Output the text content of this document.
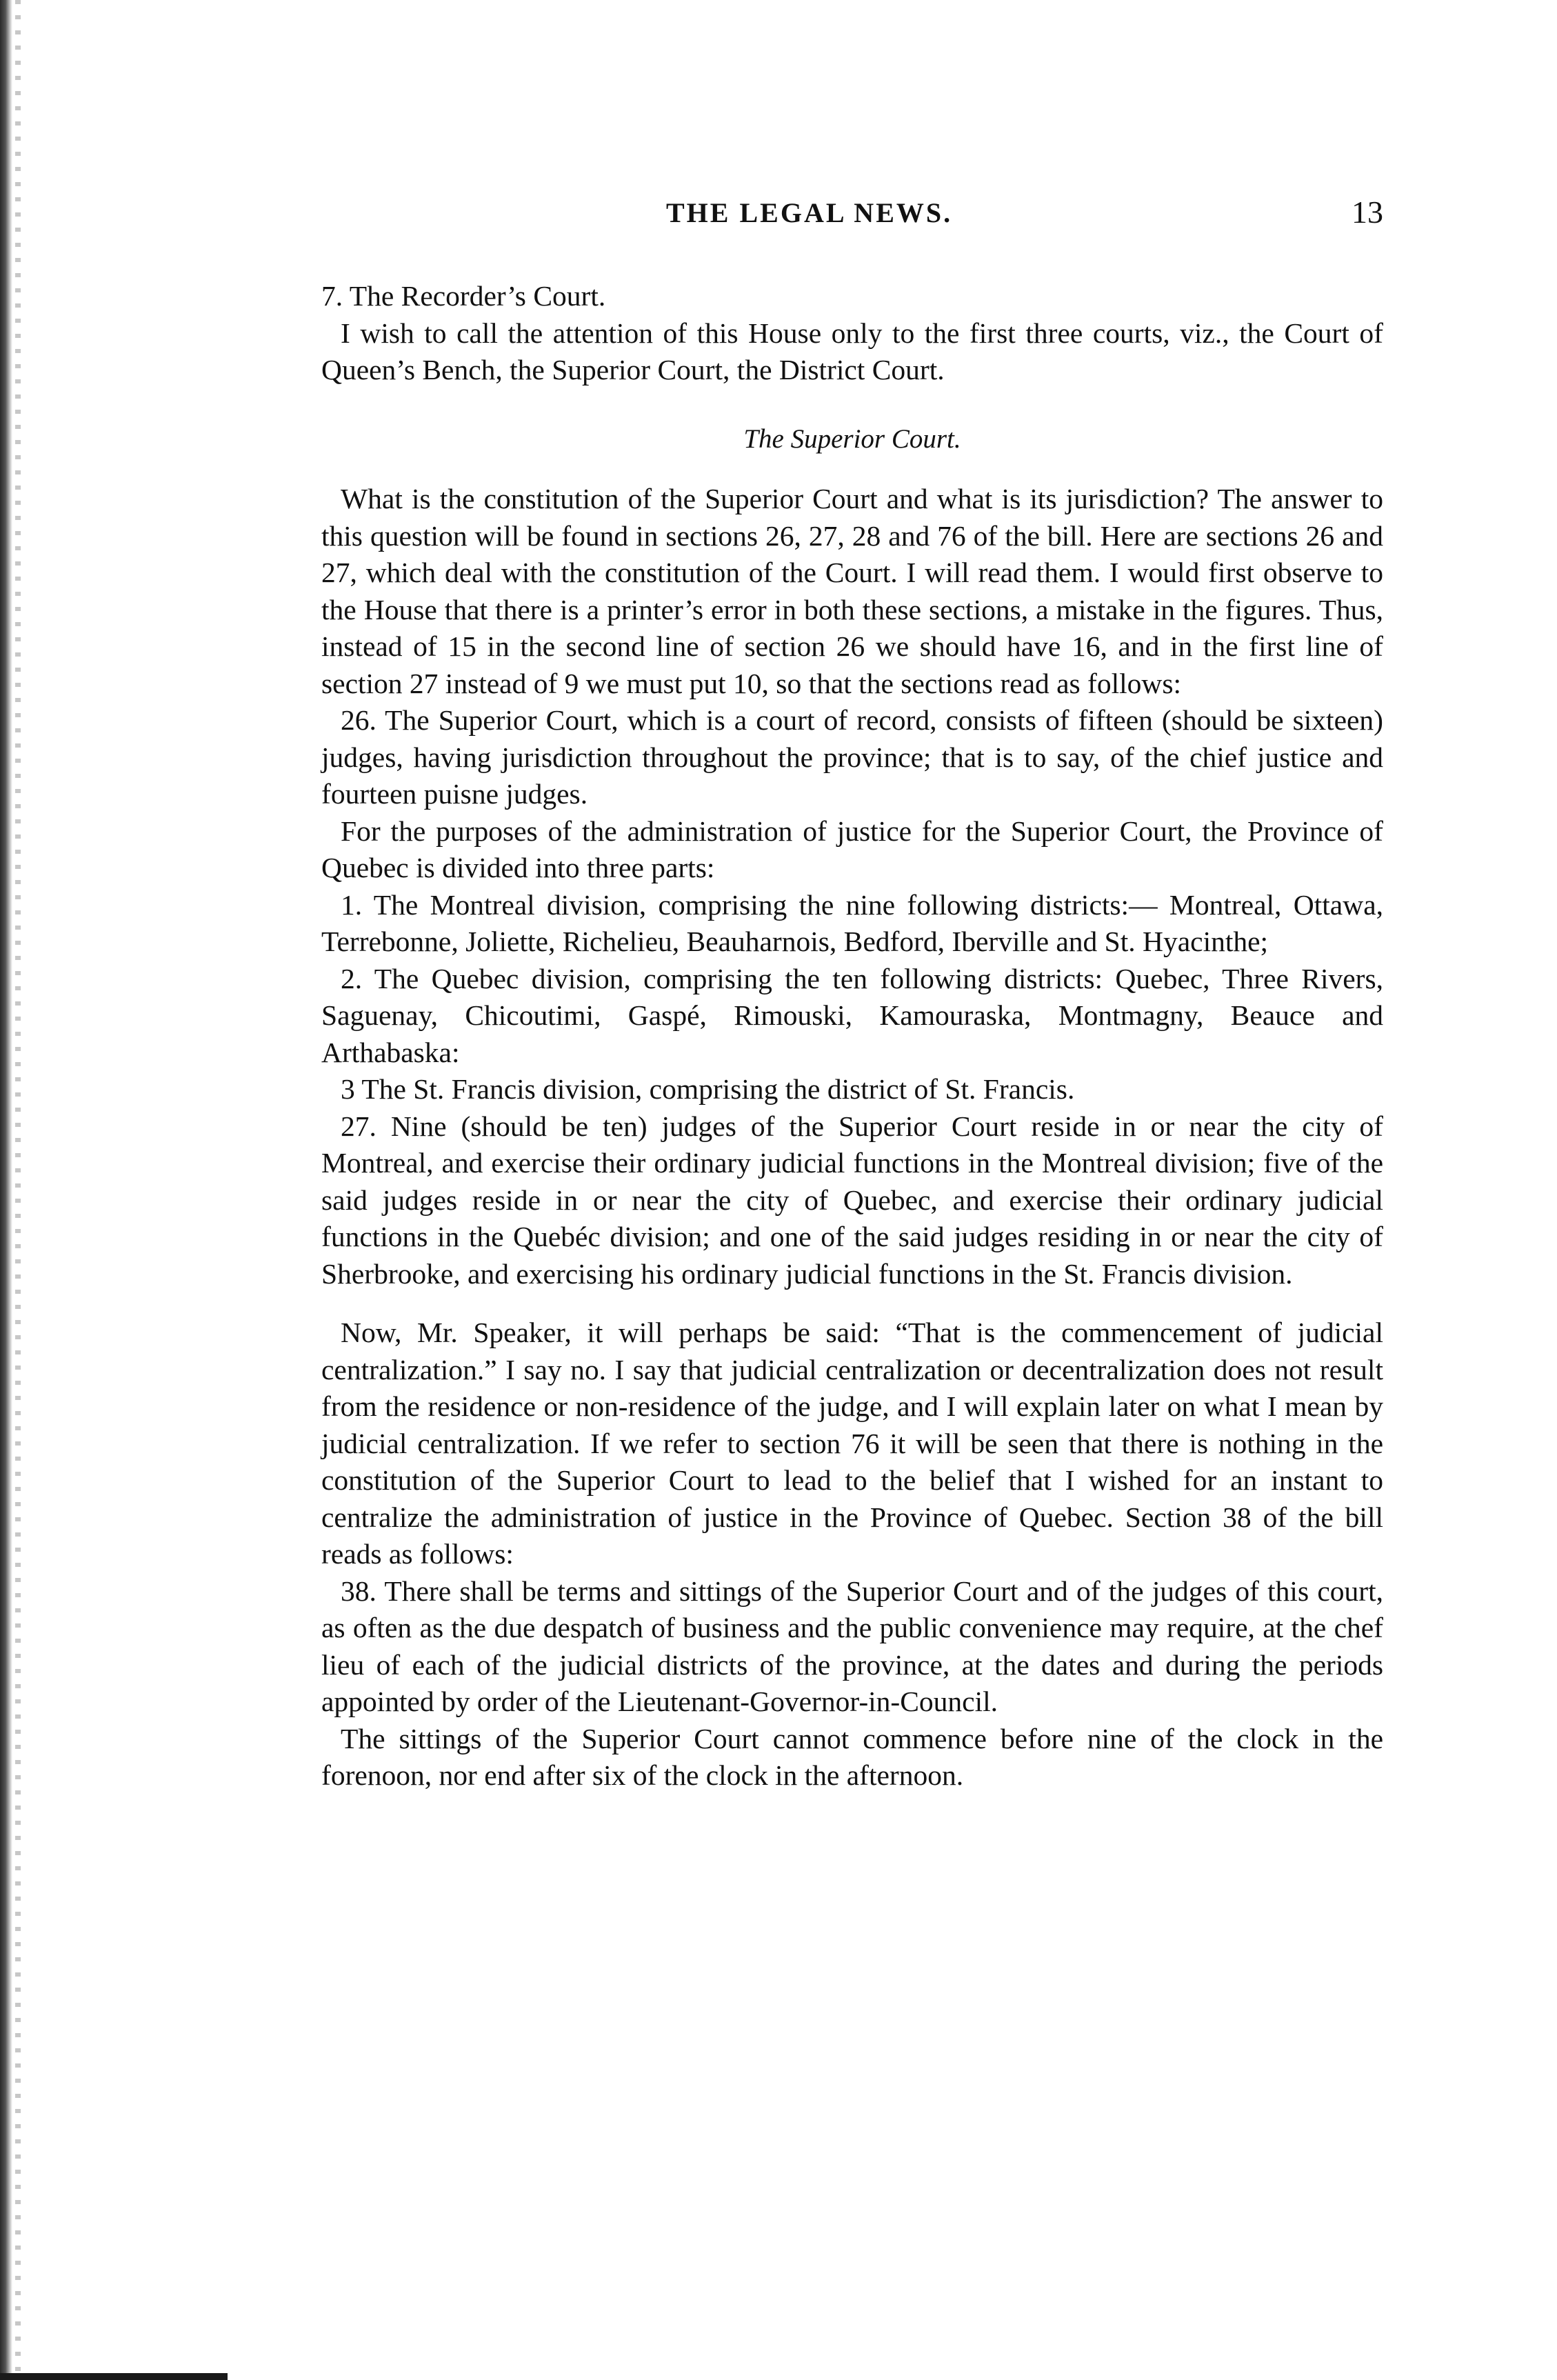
THE LEGAL NEWS.	13

7. The Recorder’s Court.

I wish to call the attention of this House only to the first three courts, viz., the Court of Queen’s Bench, the Superior Court, the District Court.

The Superior Court.

What is the constitution of the Superior Court and what is its jurisdiction? The answer to this question will be found in sections 26, 27, 28 and 76 of the bill. Here are sections 26 and 27, which deal with the constitution of the Court. I will read them. I would first observe to the House that there is a printer’s error in both these sections, a mistake in the figures. Thus, instead of 15 in the second line of section 26 we should have 16, and in the first line of section 27 instead of 9 we must put 10, so that the sections read as follows:

26. The Superior Court, which is a court of record, consists of fifteen (should be sixteen) judges, having jurisdiction throughout the province; that is to say, of the chief justice and fourteen puisne judges.

For the purposes of the administration of justice for the Superior Court, the Province of Quebec is divided into three parts:

1. The Montreal division, comprising the nine following districts:— Montreal, Ottawa, Terrebonne, Joliette, Richelieu, Beauharnois, Bedford, Iberville and St. Hyacinthe;

2. The Quebec division, comprising the ten following districts: Quebec, Three Rivers, Saguenay, Chicoutimi, Gaspé, Rimouski, Kamouraska, Montmagny, Beauce and Arthabaska:

3 The St. Francis division, comprising the district of St. Francis.

27. Nine (should be ten) judges of the Superior Court reside in or near the city of Montreal, and exercise their ordinary judicial functions in the Montreal division; five of the said judges reside in or near the city of Quebec, and exercise their ordinary judicial functions in the Quebéc division; and one of the said judges residing in or near the city of Sherbrooke, and exercising his ordinary judicial functions in the St. Francis division.

Now, Mr. Speaker, it will perhaps be said: “That is the commencement of judicial centralization.” I say no. I say that judicial centralization or decentralization does not result from the residence or non-residence of the judge, and I will explain later on what I mean by judicial centralization. If we refer to section 76 it will be seen that there is nothing in the constitution of the Superior Court to lead to the belief that I wished for an instant to centralize the administration of justice in the Province of Quebec. Section 38 of the bill reads as follows:

38. There shall be terms and sittings of the Superior Court and of the judges of this court, as often as the due despatch of business and the public convenience may require, at the chef lieu of each of the judicial districts of the province, at the dates and during the periods appointed by order of the Lieutenant-Governor-in-Council.

The sittings of the Superior Court cannot commence before nine of the clock in the forenoon, nor end after six of the clock in the afternoon.
